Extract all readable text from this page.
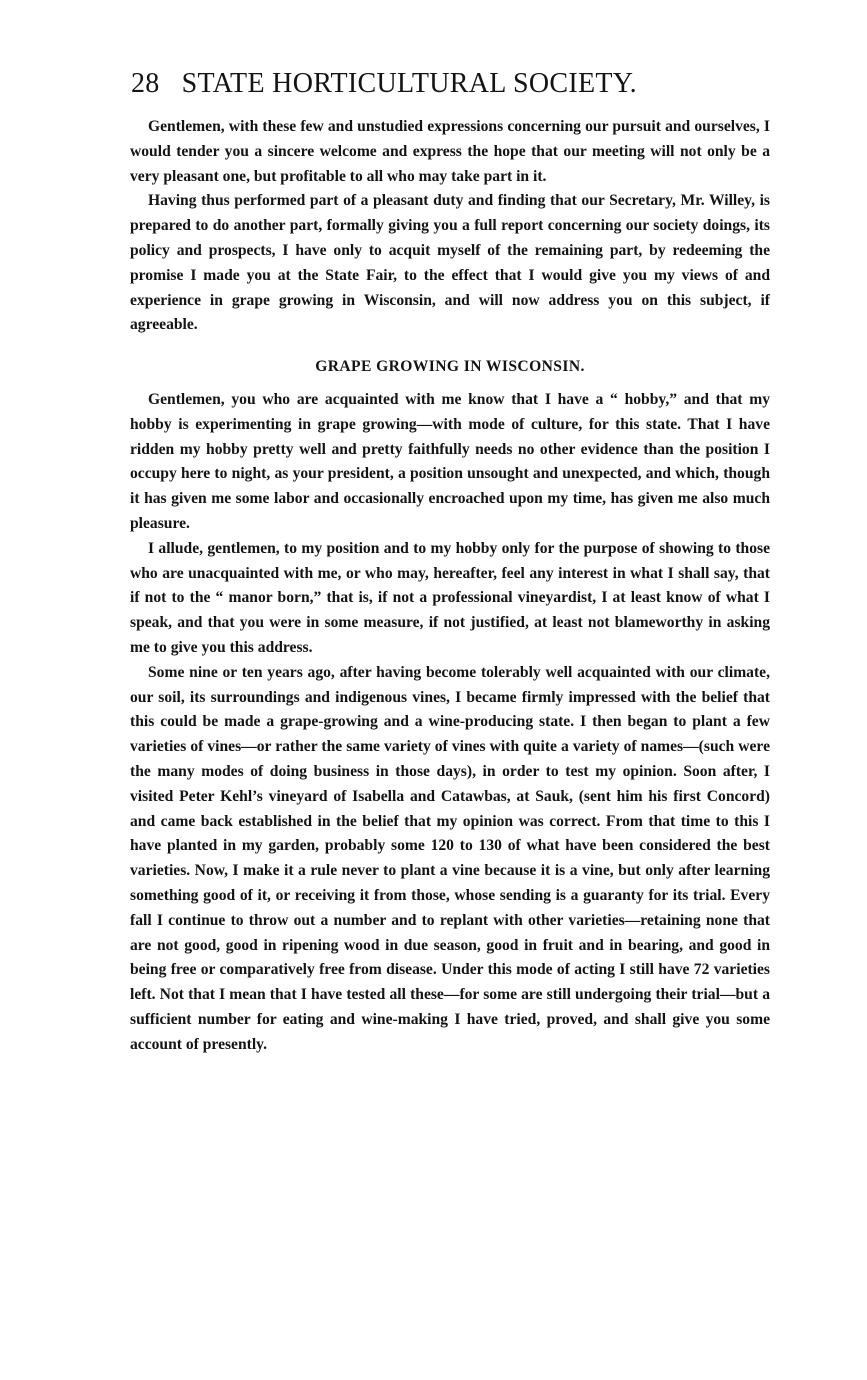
28 STATE HORTICULTURAL SOCIETY.

Gentlemen, with these few and unstudied expressions concerning our pursuit and ourselves, I would tender you a sincere welcome and express the hope that our meeting will not only be a very pleasant one, but profitable to all who may take part in it.

Having thus performed part of a pleasant duty and finding that our Secretary, Mr. Willey, is prepared to do another part, formally giving you a full report concerning our society doings, its policy and prospects, I have only to acquit myself of the remaining part, by redeeming the promise I made you at the State Fair, to the effect that I would give you my views of and experience in grape growing in Wisconsin, and will now address you on this subject, if agreeable.

GRAPE GROWING IN WISCONSIN.

Gentlemen, you who are acquainted with me know that I have a “ hobby,” and that my hobby is experimenting in grape growing—with mode of culture, for this state. That I have ridden my hobby pretty well and pretty faithfully needs no other evidence than the position I occupy here to night, as your president, a position unsought and unexpected, and which, though it has given me some labor and occasionally encroached upon my time, has given me also much pleasure.

I allude, gentlemen, to my position and to my hobby only for the purpose of showing to those who are unacquainted with me, or who may, hereafter, feel any interest in what I shall say, that if not to the “ manor born,” that is, if not a professional vineyardist, I at least know of what I speak, and that you were in some measure, if not justified, at least not blameworthy in asking me to give you this address.

Some nine or ten years ago, after having become tolerably well acquainted with our climate, our soil, its surroundings and indigenous vines, I became firmly impressed with the belief that this could be made a grape-growing and a wine-producing state. I then began to plant a few varieties of vines—or rather the same variety of vines with quite a variety of names—(such were the many modes of doing business in those days), in order to test my opinion. Soon after, I visited Peter Kehl’s vineyard of Isabella and Catawbas, at Sauk, (sent him his first Concord) and came back established in the belief that my opinion was correct. From that time to this I have planted in my garden, probably some 120 to 130 of what have been considered the best varieties. Now, I make it a rule never to plant a vine because it is a vine, but only after learning something good of it, or receiving it from those, whose sending is a guaranty for its trial. Every fall I continue to throw out a number and to replant with other varieties—retaining none that are not good, good in ripening wood in due season, good in fruit and in bearing, and good in being free or comparatively free from disease. Under this mode of acting I still have 72 varieties left. Not that I mean that I have tested all these—for some are still undergoing their trial—but a sufficient number for eating and wine-making I have tried, proved, and shall give you some account of presently.
